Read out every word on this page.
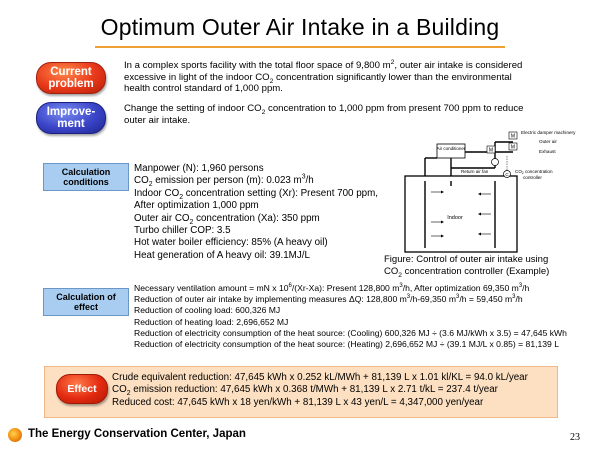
Optimum Outer Air Intake in a Building
Current problem
In a complex sports facility with the total floor space of 9,800 $m^2$, outer air intake is considered excessive in light of the indoor $CO_2$ concentration significantly lower than the environmental health control standard of 1,000 ppm.
Improve-ment
Change the setting of indoor $CO_2$ concentration to 1,000 ppm from present 700 ppm to reduce outer air intake.
Calculation conditions
Manpower (N): 1,960 persons
$CO_2$ emission per person (m): 0.023 $m^3/h$
Indoor $CO_2$ concentration setting (Xr): Present 700 ppm,
After optimization 1,000 ppm
Outer air $CO_2$ concentration (Xa): 350 ppm
Turbo chiller COP: 3.5
Hot water boiler efficiency: 85% (A heavy oil)
Heat generation of A heavy oil: 39.1MJ/L
Air conditioner
M
M
M
Return air fan
C
Electric damper machinery
Outer air
Exhaust
$CO_2$ concentration
controller
Indoor
Figure: Control of outer air intake using
$CO_2$ concentration controller (Example)
Calculation of effect
Necessary ventilation amount = mN x $10^6/(Xr-Xa)$: Present 128,800 $m^3/h$, After optimization 69,350 $m^3/h$
Reduction of outer air intake by implementing measures ΔQ: 128,800 $m^3/h-69,350$ $m^3/h = 59,450$ $m^3/h$
Reduction of cooling load: 600,326 MJ
Reduction of heating load: 2,696,652 MJ
Reduction of electricity consumption of the heat source: (Cooling) 600,326 MJ ÷ (3.6 MJ/kWh x 3.5) = 47,645 kWh
Reduction of electricity consumption of the heat source: (Heating) 2,696,652 MJ ÷ (39.1 MJ/L x 0.85) = 81,139 L
Effect
Crude equivalent reduction: 47,645 kWh x 0.252 kL/MWh + 81,139 L x 1.01 kl/KL = 94.0 kL/year
$CO_2$ emission reduction: 47,645 kWh x 0.368 t/MWh + 81,139 L x 2.71 t/kL = 237.4 t/year
Reduced cost: 47,645 kWh x 18 yen/kWh + 81,139 L x 43 yen/L = 4,347,000 yen/year
The Energy Conservation Center, Japan	23
